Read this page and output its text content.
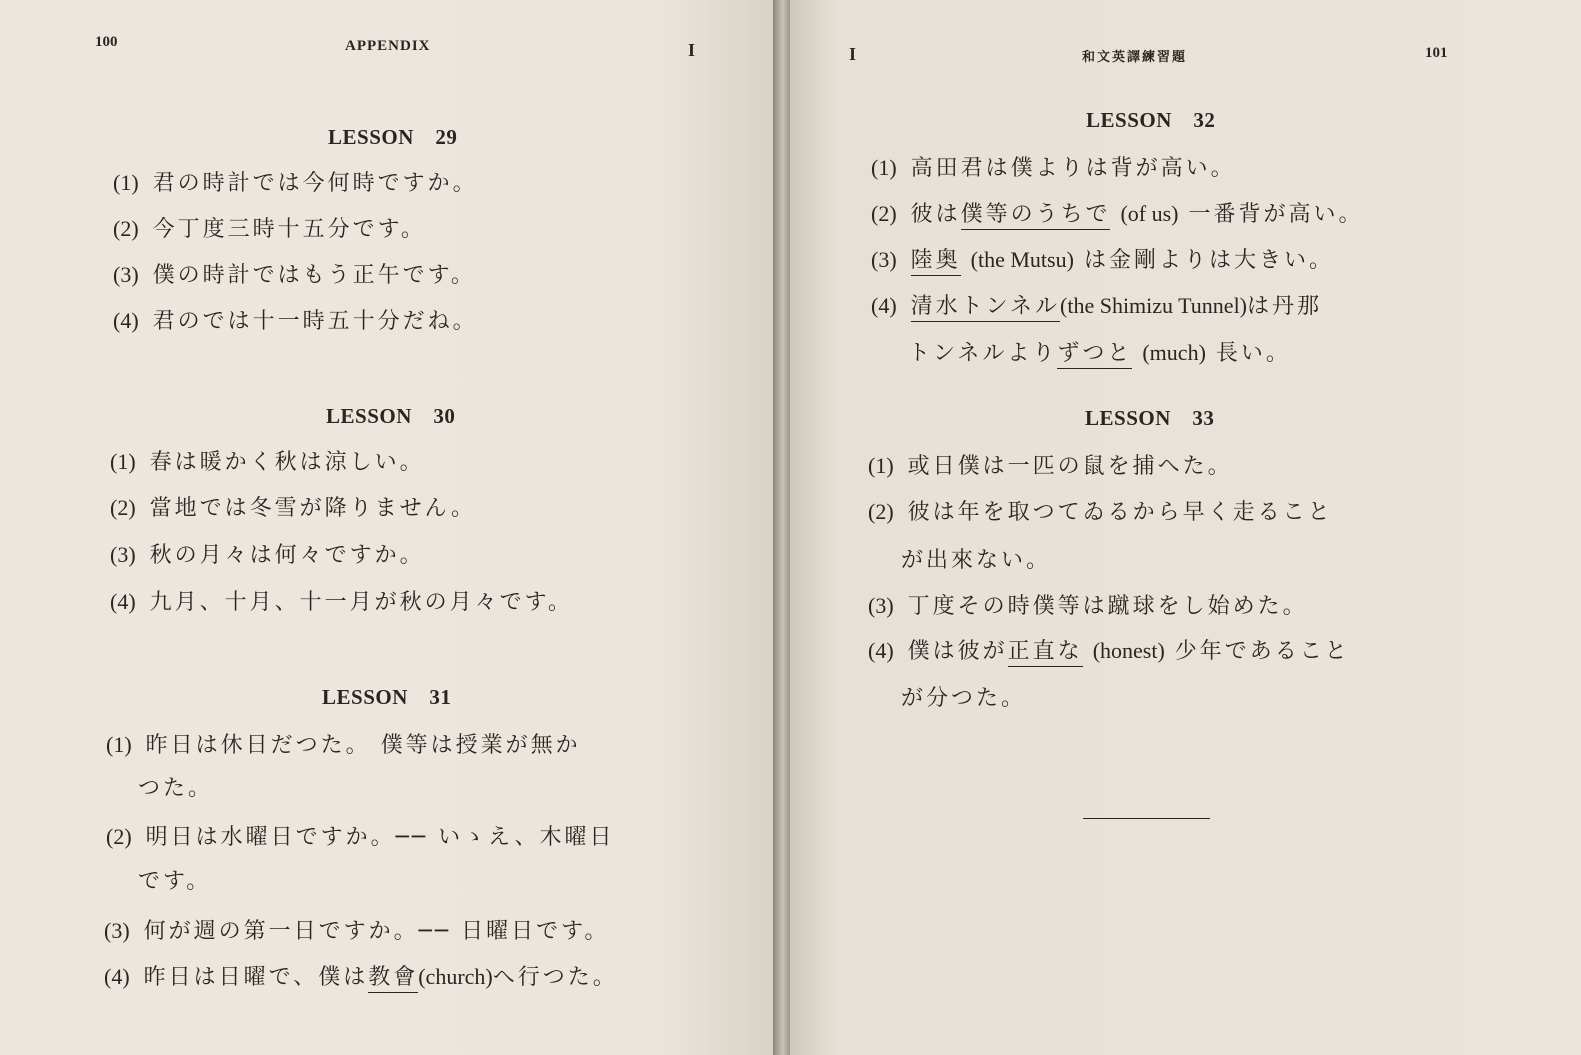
100	APPENDIX	I
LESSON　29
(1) 君の時計では今何時ですか。
(2) 今丁度三時十五分です。
(3) 僕の時計ではもう正午です。
(4) 君のでは十一時五十分だね。
LESSON　30
(1) 春は暖かく秋は涼しい。
(2) 當地では冬雪が降りません。
(3) 秋の月々は何々ですか。
(4) 九月、十月、十一月が秋の月々です。
LESSON　31
(1) 昨日は休日だつた。 僕等は授業が無か
つた。
(2) 明日は水曜日ですか。── いゝえ、木曜日
です。
(3) 何が週の第一日ですか。── 日曜日です。
(4) 昨日は日曜で、僕は教會(church)へ行つた。
I	和文英譯練習題	101
LESSON　32
(1) 高田君は僕よりは背が高い。
(2) 彼は僕等のうちで (of us) 一番背が高い。
(3) 陸奥 (the Mutsu) は金剛よりは大きい。
(4) 清水トンネル(the Shimizu Tunnel)は丹那
トンネルよりずつと (much) 長い。
LESSON　33
(1) 或日僕は一匹の鼠を捕へた。
(2) 彼は年を取つてゐるから早く走ること
が出來ない。
(3) 丁度その時僕等は蹴球をし始めた。
(4) 僕は彼が正直な (honest) 少年であること
が分つた。
